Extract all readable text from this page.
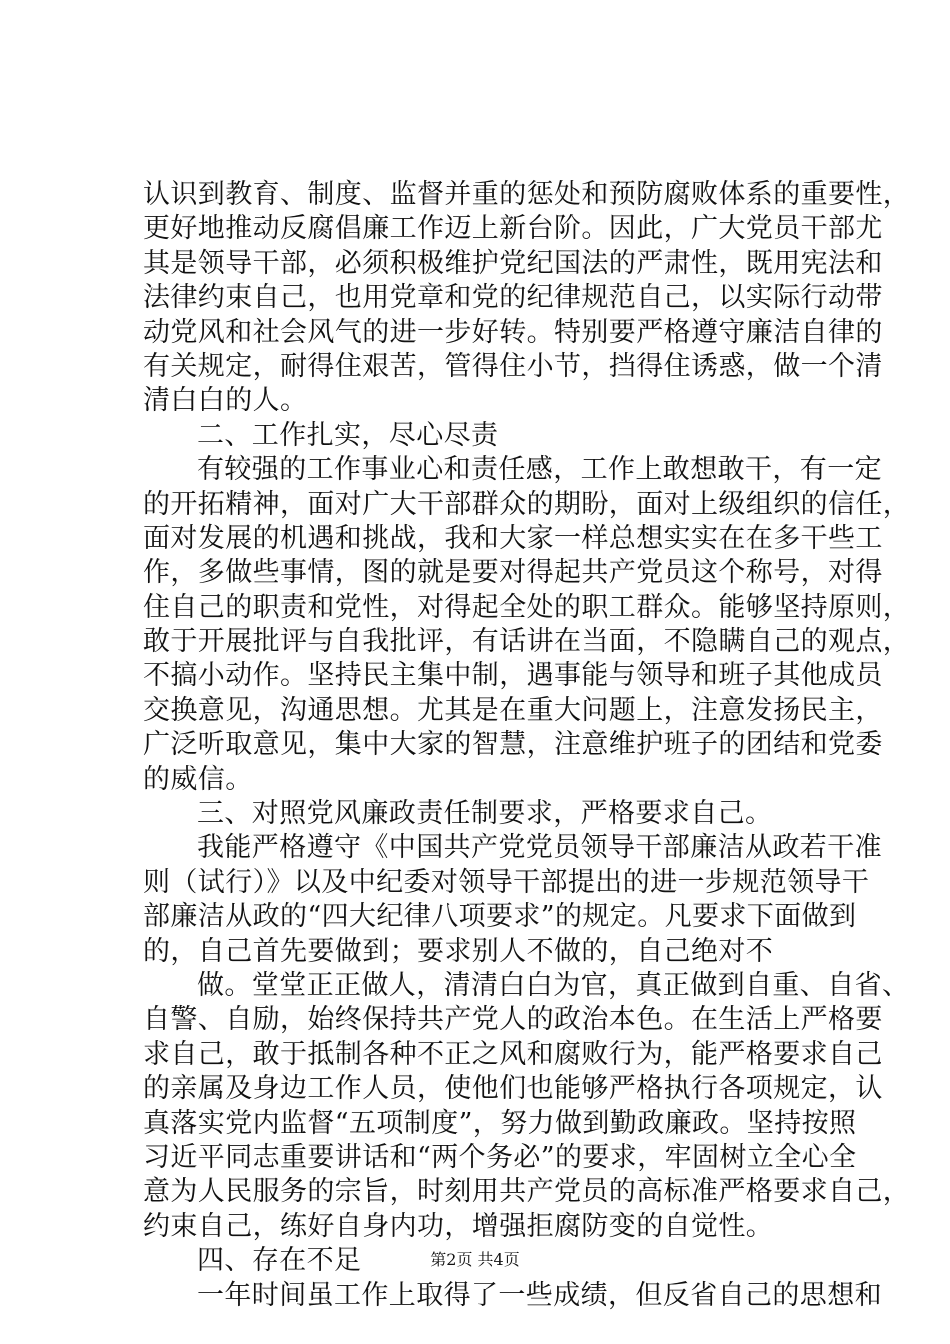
认识到教育、制度、监督并重的惩处和预防腐败体系的重要性，
更好地推动反腐倡廉工作迈上新台阶。因此，广大党员干部尤
其是领导干部，必须积极维护党纪国法的严肃性，既用宪法和
法律约束自己，也用党章和党的纪律规范自己，以实际行动带
动党风和社会风气的进一步好转。特别要严格遵守廉洁自律的
有关规定，耐得住艰苦，管得住小节，挡得住诱惑，做一个清
清白白的人。
二、工作扎实，尽心尽责
有较强的工作事业心和责任感，工作上敢想敢干，有一定
的开拓精神，面对广大干部群众的期盼，面对上级组织的信任，
面对发展的机遇和挑战，我和大家一样总想实实在在多干些工
作，多做些事情，图的就是要对得起共产党员这个称号，对得
住自己的职责和党性，对得起全处的职工群众。能够坚持原则，
敢于开展批评与自我批评，有话讲在当面，不隐瞒自己的观点，
不搞小动作。坚持民主集中制，遇事能与领导和班子其他成员
交换意见，沟通思想。尤其是在重大问题上，注意发扬民主，
广泛听取意见，集中大家的智慧，注意维护班子的团结和党委
的威信。
三、对照党风廉政责任制要求，严格要求自己。
我能严格遵守《中国共产党党员领导干部廉洁从政若干准
则（试行）》以及中纪委对领导干部提出的进一步规范领导干
部廉洁从政的“四大纪律八项要求”的规定。凡要求下面做到
的，自己首先要做到；要求别人不做的，自己绝对不
做。堂堂正正做人，清清白白为官，真正做到自重、自省、
自警、自励，始终保持共产党人的政治本色。在生活上严格要
求自己，敢于抵制各种不正之风和腐败行为，能严格要求自己
的亲属及身边工作人员，使他们也能够严格执行各项规定，认
真落实党内监督“五项制度”，努力做到勤政廉政。坚持按照
习近平同志重要讲话和“两个务必”的要求，牢固树立全心全
意为人民服务的宗旨，时刻用共产党员的高标准严格要求自己，
约束自己，练好自身内功，增强拒腐防变的自觉性。
四、存在不足
一年时间虽工作上取得了一些成绩，但反省自己的思想和
第2页 共4页
